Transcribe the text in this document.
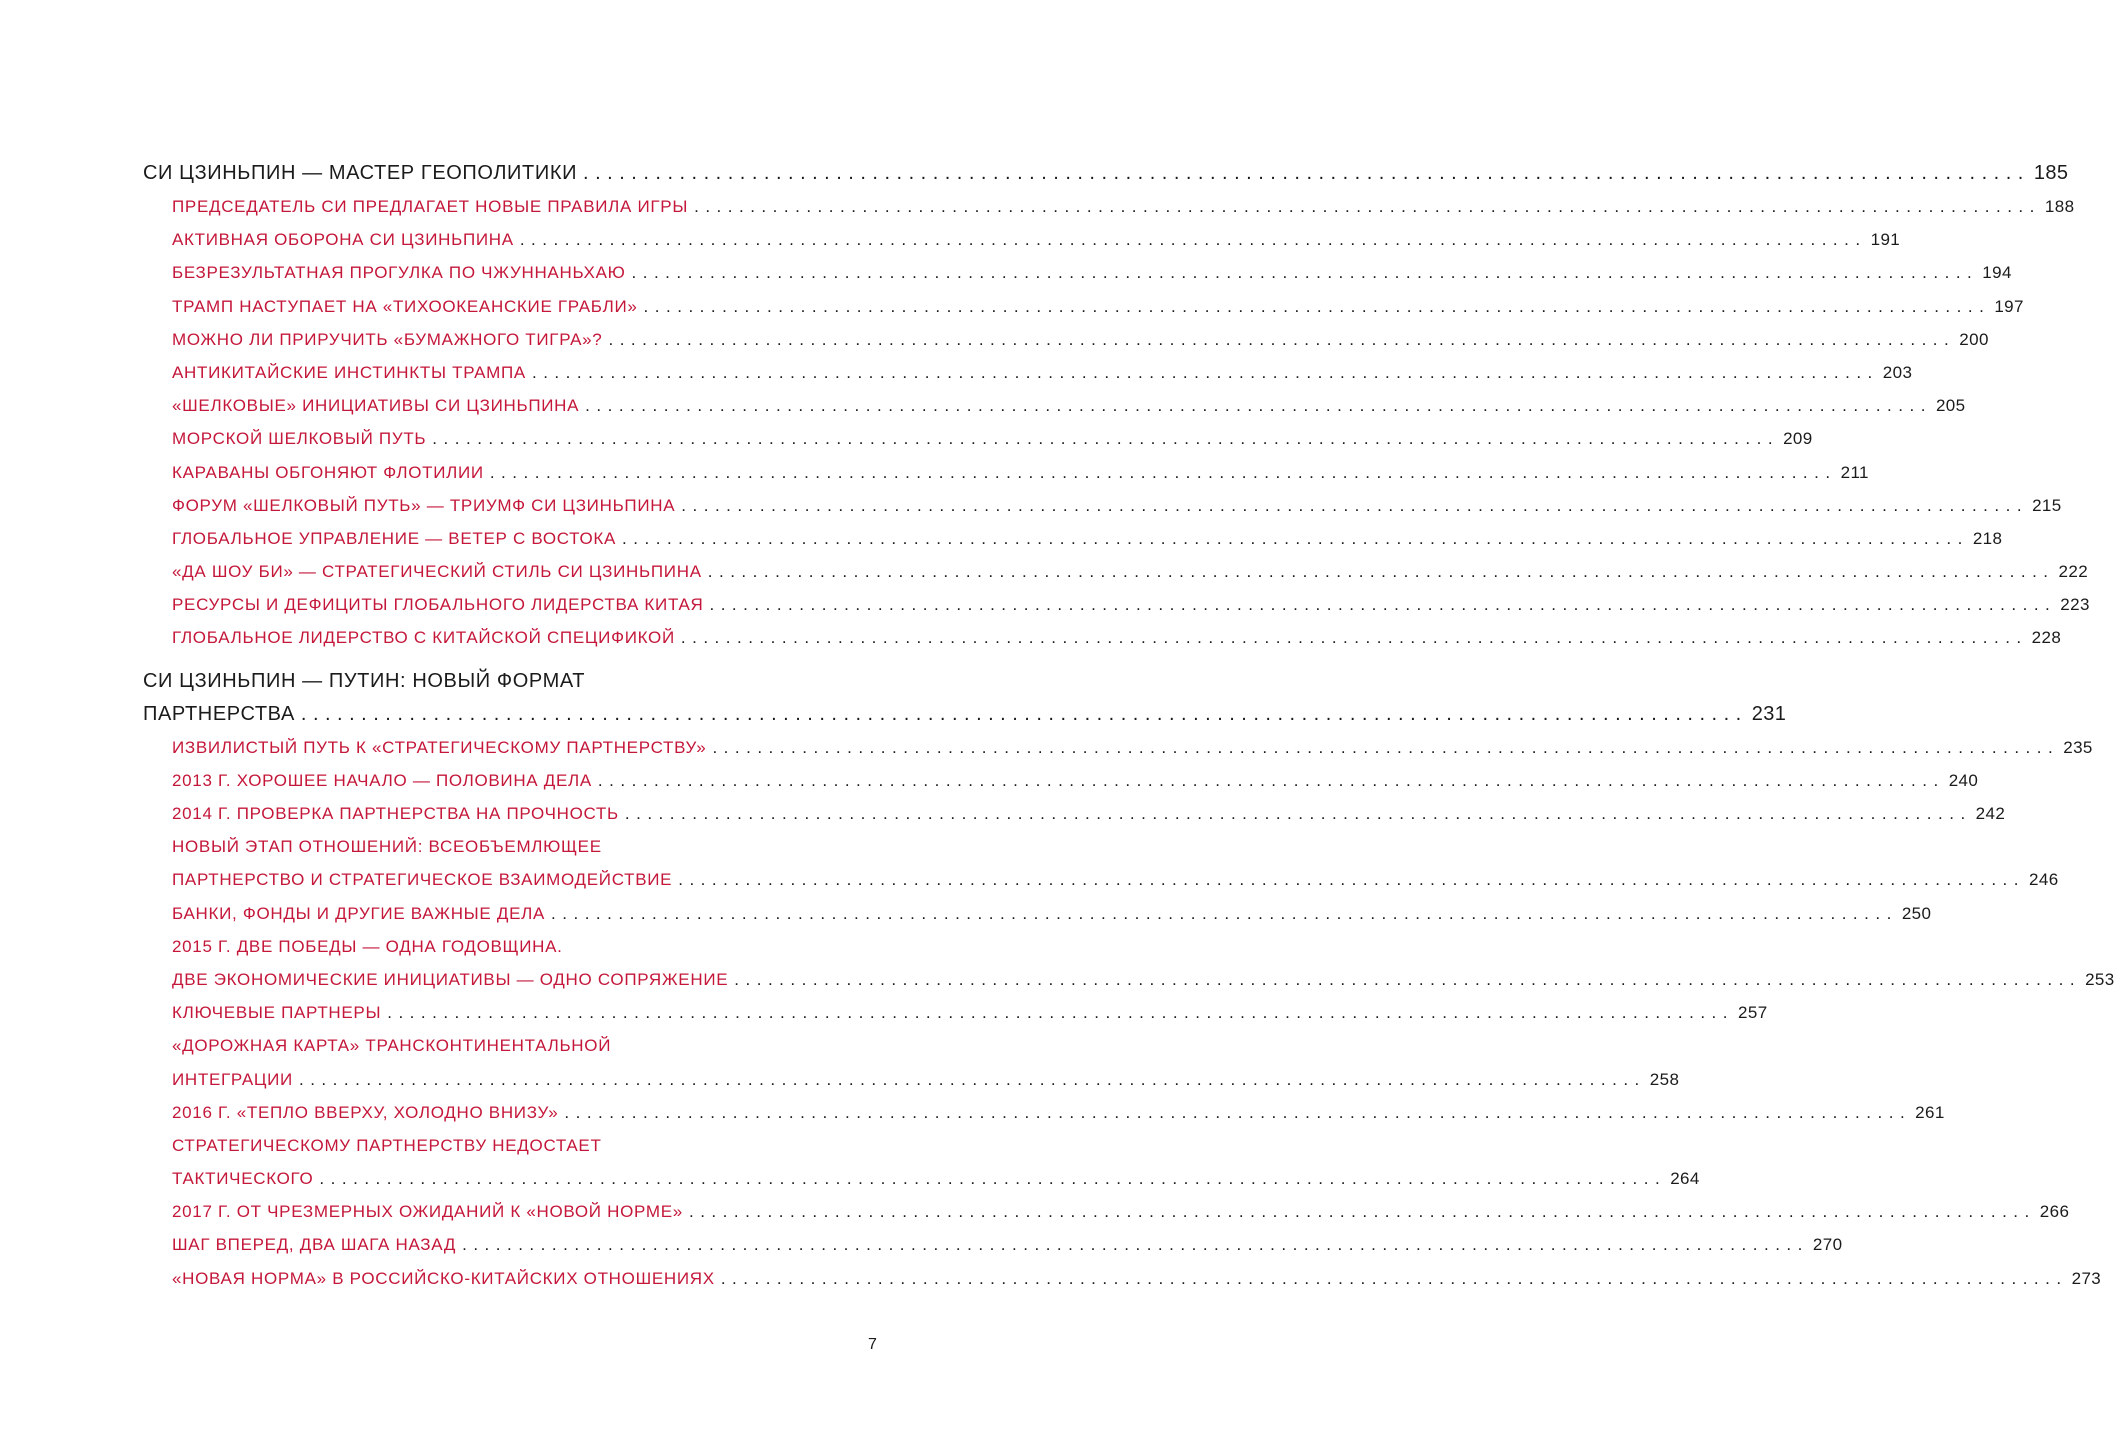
СИ ЦЗИНЬПИН — МАСТЕР ГЕОПОЛИТИКИ ........................................................................................................................ 185
ПРЕДСЕДАТЕЛЬ СИ ПРЕДЛАГАЕТ НОВЫЕ ПРАВИЛА ИГРЫ ........................................................................................................................ 188
АКТИВНАЯ ОБОРОНА СИ ЦЗИНЬПИНА ........................................................................................................................ 191
БЕЗРЕЗУЛЬТАТНАЯ ПРОГУЛКА ПО ЧЖУННАНЬХАЮ ........................................................................................................................ 194
ТРАМП НАСТУПАЕТ НА «ТИХООКЕАНСКИЕ ГРАБЛИ» ........................................................................................................................ 197
МОЖНО ЛИ ПРИРУЧИТЬ «БУМАЖНОГО ТИГРА»? ........................................................................................................................ 200
АНТИКИТАЙСКИЕ ИНСТИНКТЫ ТРАМПА ........................................................................................................................ 203
«ШЕЛКОВЫЕ» ИНИЦИАТИВЫ СИ ЦЗИНЬПИНА ........................................................................................................................ 205
МОРСКОЙ ШЕЛКОВЫЙ ПУТЬ ........................................................................................................................ 209
КАРАВАНЫ ОБГОНЯЮТ ФЛОТИЛИИ ........................................................................................................................ 211
ФОРУМ «ШЕЛКОВЫЙ ПУТЬ» — ТРИУМФ СИ ЦЗИНЬПИНА ........................................................................................................................ 215
ГЛОБАЛЬНОЕ УПРАВЛЕНИЕ — ВЕТЕР С ВОСТОКА ........................................................................................................................ 218
«ДА ШОУ БИ» — СТРАТЕГИЧЕСКИЙ СТИЛЬ СИ ЦЗИНЬПИНА ........................................................................................................................ 222
РЕСУРСЫ И ДЕФИЦИТЫ ГЛОБАЛЬНОГО ЛИДЕРСТВА КИТАЯ ........................................................................................................................ 223
ГЛОБАЛЬНОЕ ЛИДЕРСТВО С КИТАЙСКОЙ СПЕЦИФИКОЙ ........................................................................................................................ 228
СИ ЦЗИНЬПИН — ПУТИН: НОВЫЙ ФОРМАТ
ПАРТНЕРСТВА ........................................................................................................................ 231
ИЗВИЛИСТЫЙ ПУТЬ К «СТРАТЕГИЧЕСКОМУ ПАРТНЕРСТВУ» ........................................................................................................................ 235
2013 Г. ХОРОШЕЕ НАЧАЛО — ПОЛОВИНА ДЕЛА ........................................................................................................................ 240
2014 Г. ПРОВЕРКА ПАРТНЕРСТВА НА ПРОЧНОСТЬ ........................................................................................................................ 242
НОВЫЙ ЭТАП ОТНОШЕНИЙ: ВСЕОБЪЕМЛЮЩЕЕ
ПАРТНЕРСТВО И СТРАТЕГИЧЕСКОЕ ВЗАИМОДЕЙСТВИЕ ........................................................................................................................ 246
БАНКИ, ФОНДЫ И ДРУГИЕ ВАЖНЫЕ ДЕЛА ........................................................................................................................ 250
2015 Г. ДВЕ ПОБЕДЫ — ОДНА ГОДОВЩИНА.
ДВЕ ЭКОНОМИЧЕСКИЕ ИНИЦИАТИВЫ — ОДНО СОПРЯЖЕНИЕ ........................................................................................................................ 253
КЛЮЧЕВЫЕ ПАРТНЕРЫ ........................................................................................................................ 257
«ДОРОЖНАЯ КАРТА» ТРАНСКОНТИНЕНТАЛЬНОЙ
ИНТЕГРАЦИИ ........................................................................................................................ 258
2016 Г. «ТЕПЛО ВВЕРХУ, ХОЛОДНО ВНИЗУ» ........................................................................................................................ 261
СТРАТЕГИЧЕСКОМУ ПАРТНЕРСТВУ НЕДОСТАЕТ
ТАКТИЧЕСКОГО ........................................................................................................................ 264
2017 Г. ОТ ЧРЕЗМЕРНЫХ ОЖИДАНИЙ К «НОВОЙ НОРМЕ» ........................................................................................................................ 266
ШАГ ВПЕРЕД, ДВА ШАГА НАЗАД ........................................................................................................................ 270
«НОВАЯ НОРМА» В РОССИЙСКО-КИТАЙСКИХ ОТНОШЕНИЯХ ........................................................................................................................ 273
7
